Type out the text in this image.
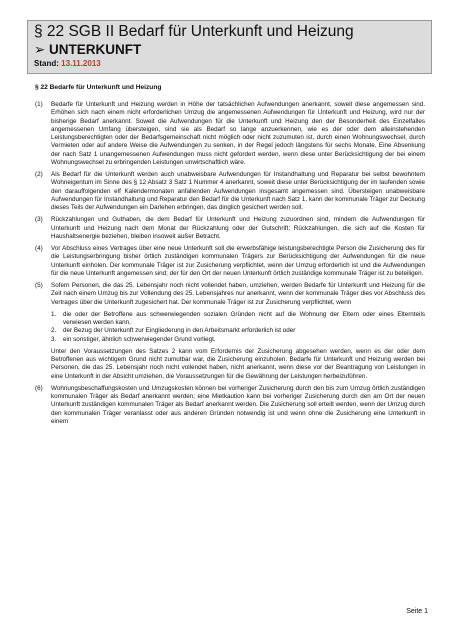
§ 22 SGB II Bedarf für Unterkunft und Heizung
➢ UNTERKUNFT
Stand: 13.11.2013
§ 22 Bedarfe für Unterkunft und Heizung
(1)	Bedarfe für Unterkunft und Heizung werden in Höhe der tatsächlichen Aufwendungen anerkannt, soweit diese angemessen sind. Erhöhen sich nach einem nicht erforderlichen Umzug die angemessenen Aufwendungen für Unterkunft und Heizung, wird nur der bisherige Bedarf anerkannt. Soweit die Aufwendungen für die Unterkunft und Heizung den der Besonderheit des Einzelfalles angemessenen Umfang übersteigen, sind sie als Bedarf so lange anzuerkennen, wie es der oder dem alleinstehenden Leistungsberechtigten oder der Bedarfsgemeinschaft nicht möglich oder nicht zuzumuten ist, durch einen Wohnungswechsel, durch Vermieten oder auf andere Weise die Aufwendungen zu senken, in der Regel jedoch längstens für sechs Monate. Eine Absenkung der nach Satz 1 unangemessenen Aufwendungen muss nicht gefordert werden, wenn diese unter Berücksichtigung der bei einem Wohnungswechsel zu erbringenden Leistungen unwirtschaftlich wäre.
(2)	Als Bedarf für die Unterkunft werden auch unabweisbare Aufwendungen für Instandhaltung und Reparatur bei selbst bewohntem Wohneigentum im Sinne des § 12 Absatz 3 Satz 1 Nummer 4 anerkannt, soweit diese unter Berücksichtigung der im laufenden sowie den darauffolgenden elf Kalendermonaten anfallenden Aufwendungen insgesamt angemessen sind. Übersteigen unabweisbare Aufwendungen für Instandhaltung und Reparatur den Bedarf für die Unterkunft nach Satz 1, kann der kommunale Träger zur Deckung dieses Teils der Aufwendungen ein Darlehen erbringen, das dinglich gesichert werden soll.
(3)	Rückzahlungen und Guthaben, die dem Bedarf für Unterkunft und Heizung zuzuordnen sind, mindern die Aufwendungen für Unterkunft und Heizung nach dem Monat der Rückzahlung oder der Gutschrift; Rückzahlungen, die sich auf die Kosten für Haushaltsenergie beziehen, bleiben insoweit außer Betracht.
(4)	Vor Abschluss eines Vertrages über eine neue Unterkunft soll die erwerbsfähige leistungsberechtigte Person die Zusicherung des für die Leistungserbringung bisher örtlich zuständigen kommunalen Trägers zur Berücksichtigung der Aufwendungen für die neue Unterkunft einholen. Der kommunale Träger ist zur Zusicherung verpflichtet, wenn der Umzug erforderlich ist und die Aufwendungen für die neue Unterkunft angemessen sind; der für den Ort der neuen Unterkunft örtlich zuständige kommunale Träger ist zu beteiligen.
(5)	Sofern Personen, die das 25. Lebensjahr noch nicht vollendet haben, umziehen, werden Bedarfe für Unterkunft und Heizung für die Zeit nach einem Umzug bis zur Vollendung des 25. Lebensjahres nur anerkannt, wenn der kommunale Träger dies vor Abschluss des Vertrages über die Unterkunft zugesichert hat. Der kommunale Träger ist zur Zusicherung verpflichtet, wenn
1.	die oder der Betroffene aus schwerwiegenden sozialen Gründen nicht auf die Wohnung der Eltern oder eines Elternteils verwiesen werden kann,
2.	der Bezug der Unterkunft zur Eingliederung in den Arbeitsmarkt erforderlich ist oder
3.	ein sonstiger, ähnlich schwerwiegender Grund vorliegt.
Unter den Voraussetzungen des Satzes 2 kann vom Erfordernis der Zusicherung abgesehen werden, wenn es der oder dem Betroffenen aus wichtigem Grund nicht zumutbar war, die Zusicherung einzuholen. Bedarfe für Unterkunft und Heizung werden bei Personen, die das 25. Lebensjahr noch nicht vollendet haben, nicht anerkannt, wenn diese vor der Beantragung von Leistungen in eine Unterkunft in der Absicht umziehen, die Voraussetzungen für die Gewährung der Leistungen herbeizuführen.
(6)	Wohnungsbeschaffungskosten und Umzugskosten können bei vorheriger Zusicherung durch den bis zum Umzug örtlich zuständigen kommunalen Träger als Bedarf anerkannt werden; eine Mietkaution kann bei vorheriger Zusicherung durch den am Ort der neuen Unterkunft zuständigen kommunalen Träger als Bedarf anerkannt werden. Die Zusicherung soll erteilt werden, wenn der Umzug durch den kommunalen Träger veranlasst oder aus anderen Gründen notwendig ist und wenn ohne die Zusicherung eine Unterkunft in einem
Seite 1
